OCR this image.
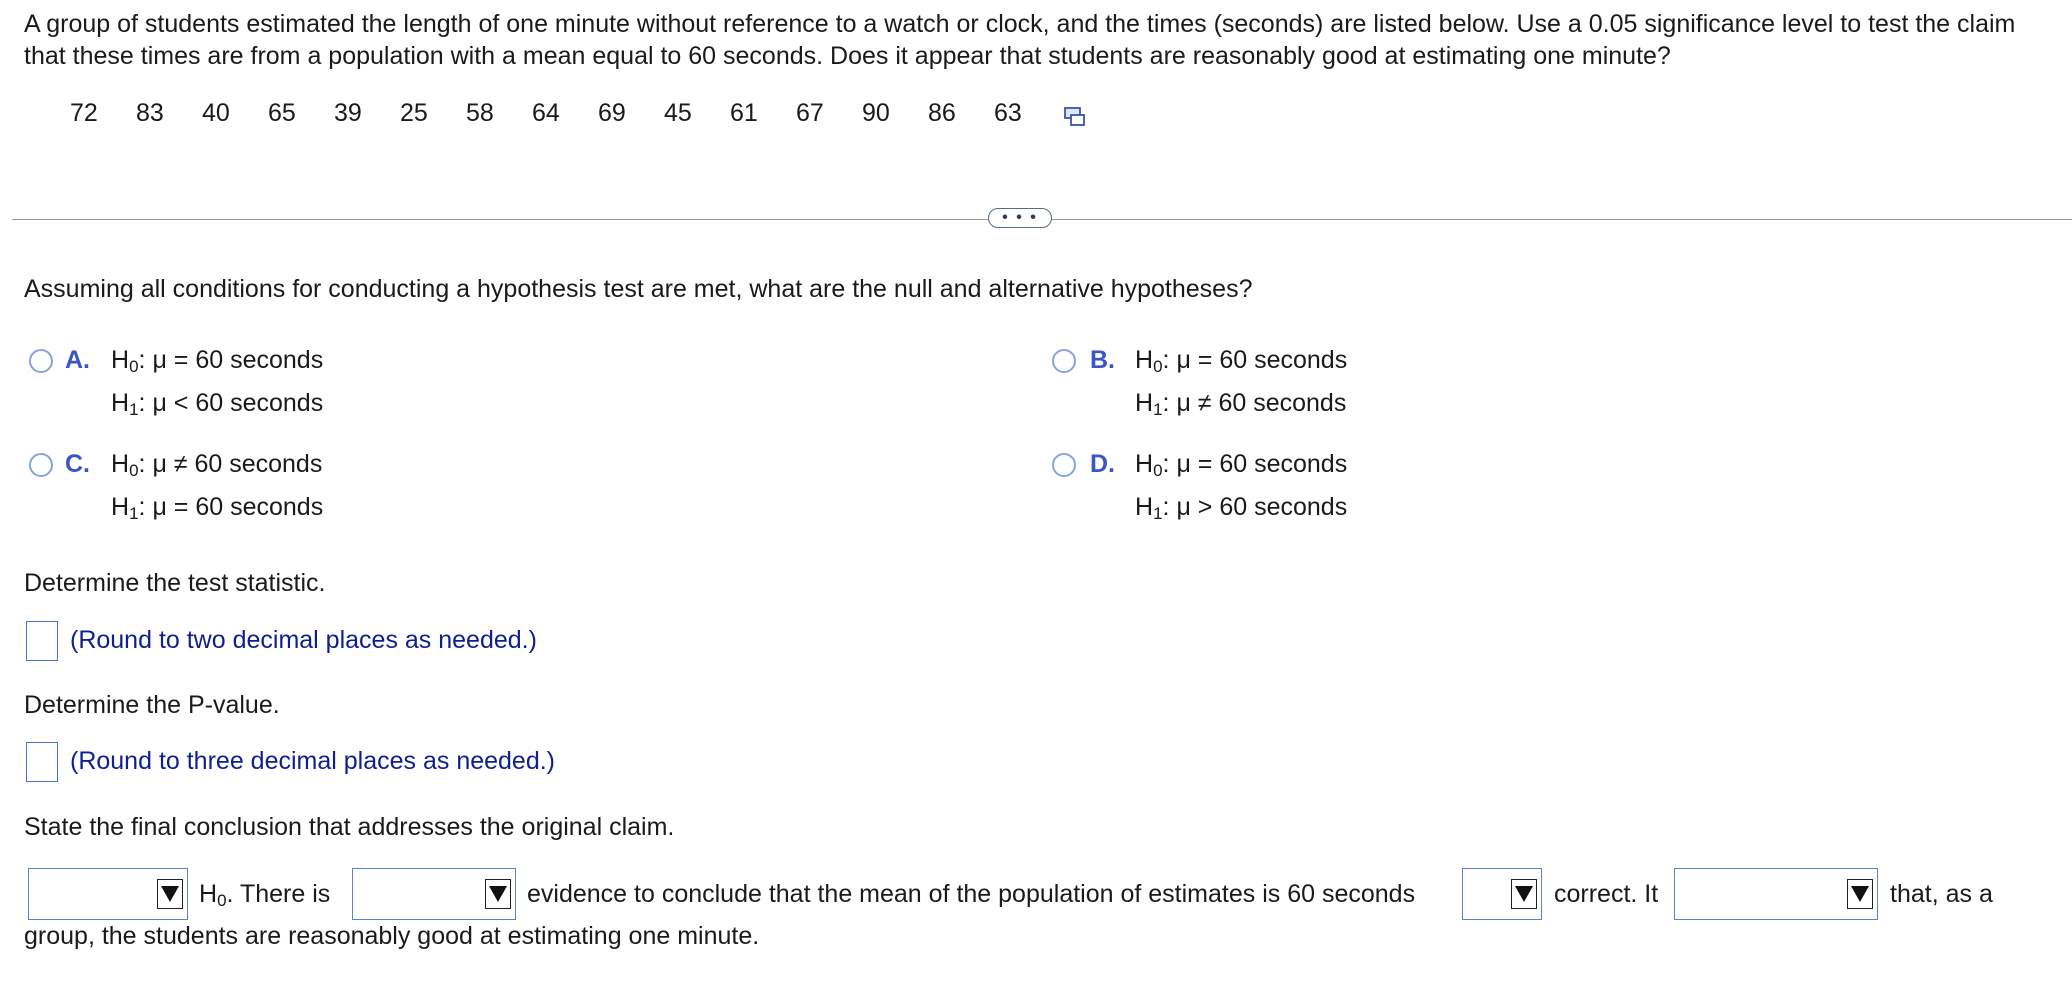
A group of students estimated the length of one minute without reference to a watch or clock, and the times (seconds) are listed below. Use a 0.05 significance level to test the claim that these times are from a population with a mean equal to 60 seconds. Does it appear that students are reasonably good at estimating one minute?
72	83	40	65	39	25	58	64	69	45	61	67	90	86	63
• • •
Assuming all conditions for conducting a hypothesis test are met, what are the null and alternative hypotheses?
A. $H_0$: μ = 60 seconds
$H_1$: μ < 60 seconds
B. $H_0$: μ = 60 seconds
$H_1$: μ ≠ 60 seconds
C. $H_0$: μ ≠ 60 seconds
$H_1$: μ = 60 seconds
D. $H_0$: μ = 60 seconds
$H_1$: μ > 60 seconds
Determine the test statistic.
(Round to two decimal places as needed.)
Determine the P-value.
(Round to three decimal places as needed.)
State the final conclusion that addresses the original claim.
$H_0$. There is	evidence to conclude that the mean of the population of estimates is 60 seconds	correct. It	that, as a
group, the students are reasonably good at estimating one minute.
